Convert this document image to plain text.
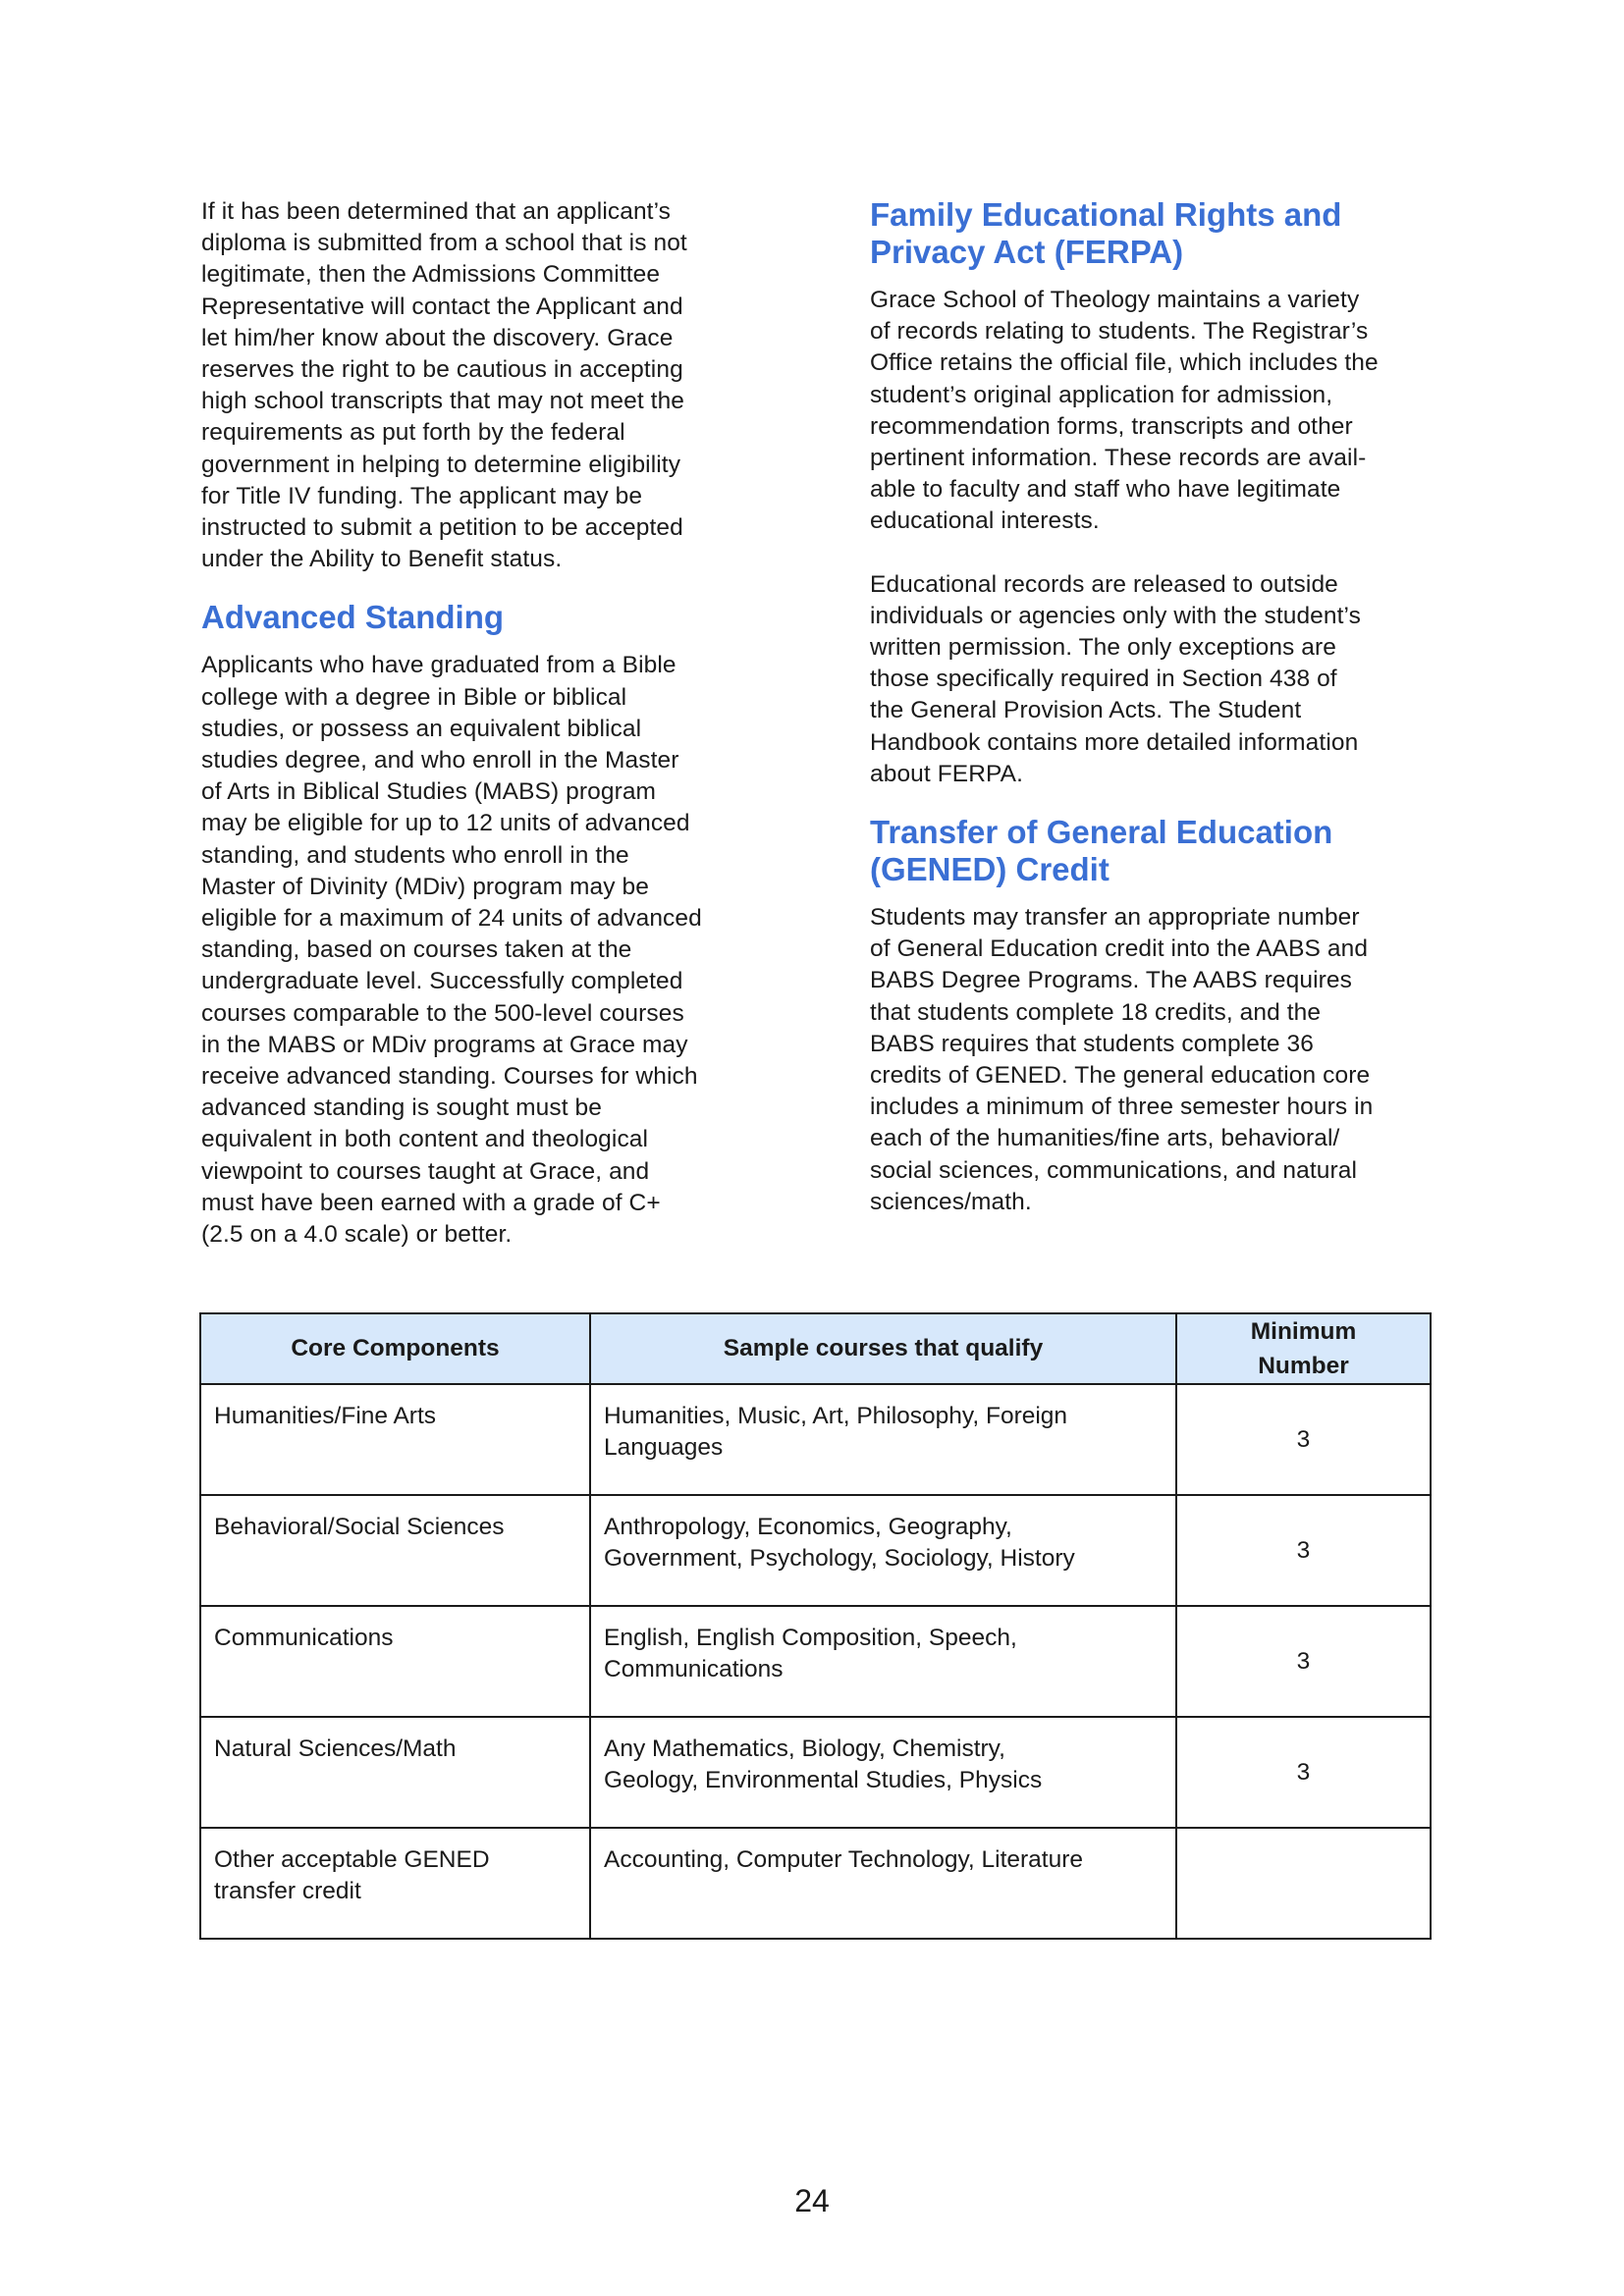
If it has been determined that an applicant’s
diploma is submitted from a school that is not
legitimate, then the Admissions Committee
Representative will contact the Applicant and
let him/her know about the discovery. Grace
reserves the right to be cautious in accepting
high school transcripts that may not meet the
requirements as put forth by the federal
government in helping to determine eligibility
for Title IV funding. The applicant may be
instructed to submit a petition to be accepted
under the Ability to Benefit status.

Advanced Standing

Applicants who have graduated from a Bible
college with a degree in Bible or biblical
studies, or possess an equivalent biblical
studies degree, and who enroll in the Master
of Arts in Biblical Studies (MABS) program
may be eligible for up to 12 units of advanced
standing, and students who enroll in the
Master of Divinity (MDiv) program may be
eligible for a maximum of 24 units of advanced
standing, based on courses taken at the
undergraduate level. Successfully completed
courses comparable to the 500-level courses
in the MABS or MDiv programs at Grace may
receive advanced standing. Courses for which
advanced standing is sought must be
equivalent in both content and theological
viewpoint to courses taught at Grace, and
must have been earned with a grade of C+
(2.5 on a 4.0 scale) or better.

Family Educational Rights and
Privacy Act (FERPA)

Grace School of Theology maintains a variety
of records relating to students. The Registrar’s
Office retains the official file, which includes the
student’s original application for admission,
recommendation forms, transcripts and other
pertinent information. These records are avail-
able to faculty and staff who have legitimate
educational interests.

Educational records are released to outside
individuals or agencies only with the student’s
written permission. The only exceptions are
those specifically required in Section 438 of
the General Provision Acts. The Student
Handbook contains more detailed information
about FERPA.

Transfer of General Education
(GENED) Credit

Students may transfer an appropriate number
of General Education credit into the AABS and
BABS Degree Programs. The AABS requires
that students complete 18 credits, and the
BABS requires that students complete 36
credits of GENED. The general education core
includes a minimum of three semester hours in
each of the humanities/fine arts, behavioral/
social sciences, communications, and natural
sciences/math.

Core Components	Sample courses that qualify	Minimum
Number

Humanities/Fine Arts	Humanities, Music, Art, Philosophy, Foreign
Languages	3

Behavioral/Social Sciences	Anthropology, Economics, Geography,
Government, Psychology, Sociology, History	3

Communications	English, English Composition, Speech,
Communications	3

Natural Sciences/Math	Any Mathematics, Biology, Chemistry,
Geology, Environmental Studies, Physics	3

Other acceptable GENED
transfer credit	Accounting, Computer Technology, Literature	

24
